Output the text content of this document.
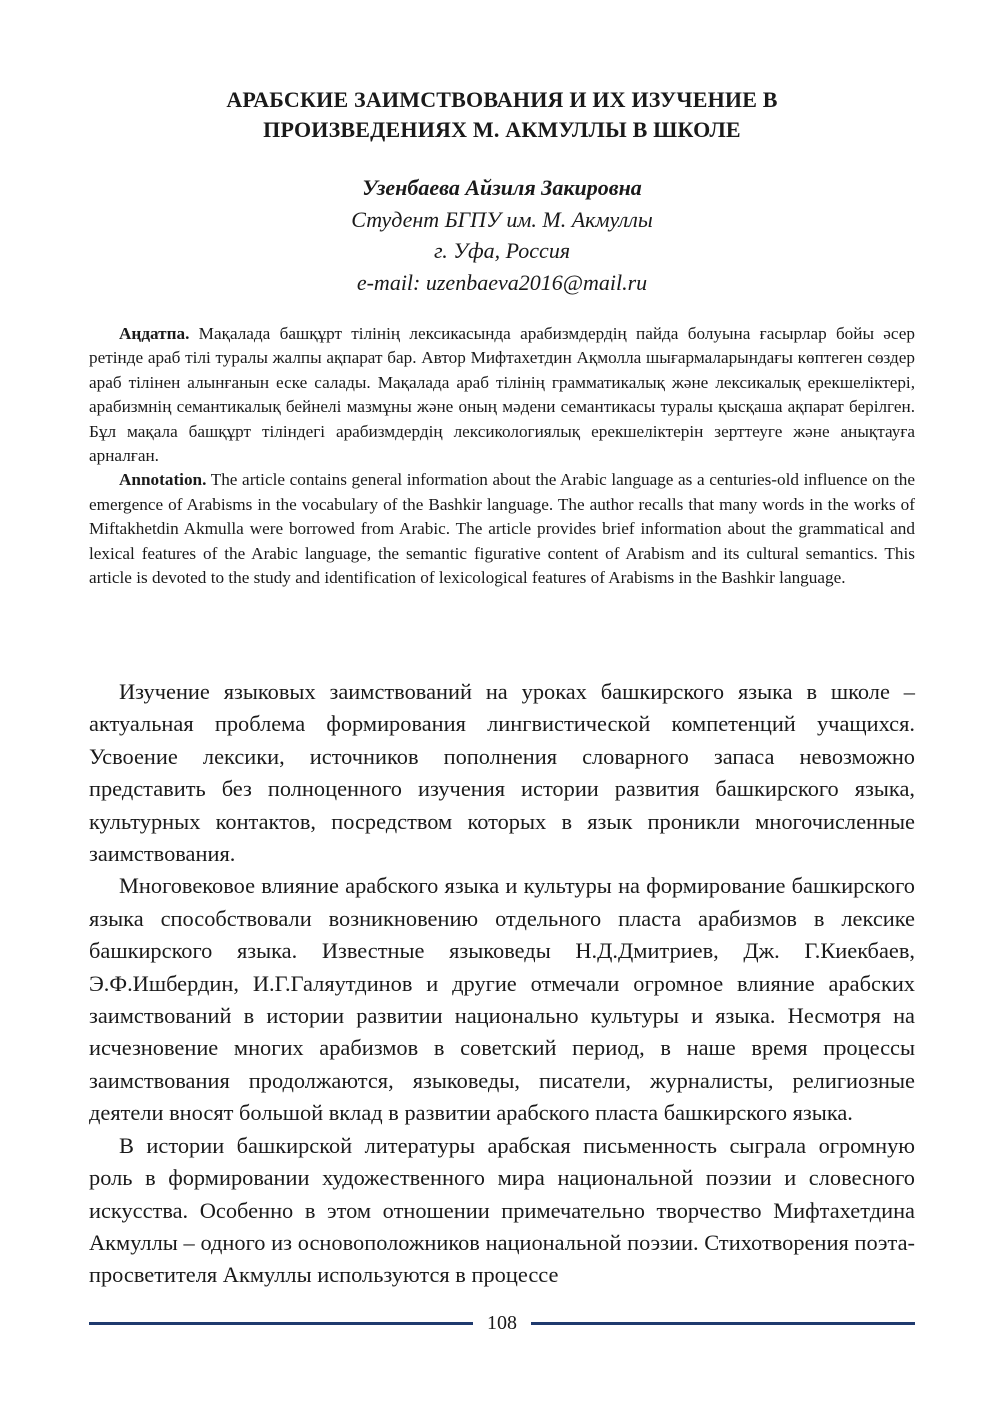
АРАБСКИЕ ЗАИМСТВОВАНИЯ И ИХ ИЗУЧЕНИЕ В
ПРОИЗВЕДЕНИЯХ М. АКМУЛЛЫ В ШКОЛЕ
Узенбаева Айзиля Закировна
Студент БГПУ им. М. Акмуллы
г. Уфа, Россия
e-mail: uzenbaeva2016@mail.ru

Аңдатпа. Мақалада башқұрт тілінің лексикасында арабизмдердің пайда болуына ғасырлар бойы әсер ретінде араб тілі туралы жалпы ақпарат бар. Автор Мифтахетдин Ақмолла шығармаларындағы көптеген сөздер араб тілінен алынғанын еске салады. Мақалада араб тілінің грамматикалық және лексикалық ерекшеліктері, арабизмнің семантикалық бейнелі мазмұны және оның мәдени семантикасы туралы қысқаша ақпарат берілген. Бұл мақала башқұрт тіліндегі арабизмдердің лексикологиялық ерекшеліктерін зерттеуге және анықтауға арналған.

Annotation. The article contains general information about the Arabic language as a centuries-old influence on the emergence of Arabisms in the vocabulary of the Bashkir language. The author recalls that many words in the works of Miftakhetdin Akmulla were borrowed from Arabic. The article provides brief information about the grammatical and lexical features of the Arabic language, the semantic figurative content of Arabism and its cultural semantics. This article is devoted to the study and identification of lexicological features of Arabisms in the Bashkir language.

Изучение языковых заимствований на уроках башкирского языка в школе – актуальная проблема формирования лингвистической компетенций учащихся. Усвоение лексики, источников пополнения словарного запаса невозможно представить без полноценного изучения истории развития башкирского языка, культурных контактов, посредством которых в язык проникли многочисленные заимствования.

Многовековое влияние арабского языка и культуры на формирование башкирского языка способствовали возникновению отдельного пласта арабизмов в лексике башкирского языка. Известные языковеды Н.Д.Дмитриев, Дж. Г.Киекбаев, Э.Ф.Ишбердин, И.Г.Галяутдинов и другие отмечали огромное влияние арабских заимствований в истории развитии национально культуры и языка. Несмотря на исчезновение многих арабизмов в советский период, в наше время процессы заимствования продолжаются, языковеды, писатели, журналисты, религиозные деятели вносят большой вклад в развитии арабского пласта башкирского языка.

В истории башкирской литературы арабская письменность сыграла огромную роль в формировании художественного мира национальной поэзии и словесного искусства. Особенно в этом отношении примечательно творчество Мифтахетдина Акмуллы – одного из основоположников национальной поэзии. Стихотворения поэта-просветителя Акмуллы используются в процессе

108
